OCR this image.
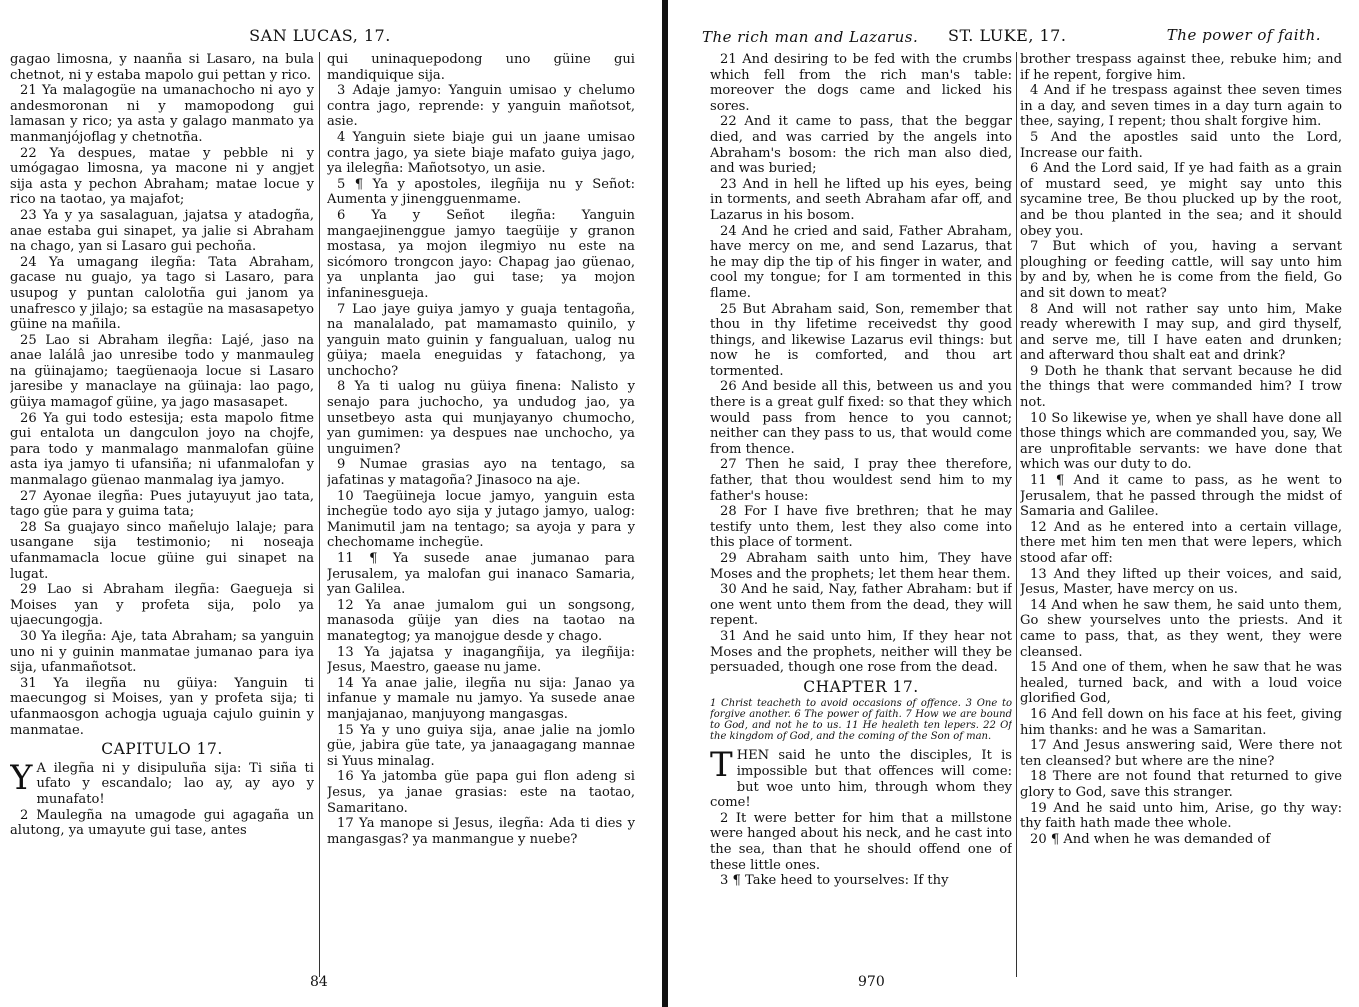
SAN LUCAS, 17.

gagao limosna, y naanña si Lasaro, na bula chetnot, ni y estaba mapolo gui pettan y rico.

21 Ya malagogüe na umanachocho ni ayo y andesmoronan ni y mamopodong gui lamasan y rico; ya asta y galago manmato ya manmanjójoflag y chetnotña.

22 Ya despues, matae y pebble ni y umógagao limosna, ya macone ni y angjet sija asta y pechon Abraham; matae locue y rico na taotao, ya majafot;

23 Ya y ya sasalaguan, jajatsa y atadogña, anae estaba gui sinapet, ya jalie si Abraham na chago, yan si Lasaro gui pechoña.

24 Ya umagang ilegña: Tata Abraham, gacase nu guajo, ya tago si Lasaro, para usupog y puntan calolotña gui janom ya unafresco y jilajo; sa estagüe na masasapetyo güine na mañila.

25 Lao si Abraham ilegña: Lajé, jaso na anae lalálâ jao unresibe todo y manmauleg na güinajamo; taegüenaoja locue si Lasaro jaresibe y manaclaye na güinaja: lao pago, güiya mamagof güine, ya jago masasapet.

26 Ya gui todo estesija; esta mapolo fitme gui entalota un dangculon joyo na chojfe, para todo y manmalago manmalofan güine asta iya jamyo ti ufansiña; ni ufanmalofan y manmalago güenao manmalag iya jamyo.

27 Ayonae ilegña: Pues jutayuyut jao tata, tago güe para y guima tata;

28 Sa guajayo sinco mañelujo lalaje; para usangane sija testimonio; ni noseaja ufanmamacla locue güine gui sinapet na lugat.

29 Lao si Abraham ilegña: Gaegueja si Moises yan y profeta sija, polo ya ujaecungogja.

30 Ya ilegña: Aje, tata Abraham; sa yanguin uno ni y guinin manmatae jumanao para iya sija, ufanmañotsot.

31 Ya ilegña nu güiya: Yanguin ti maecungog si Moises, yan y profeta sija; ti ufanmaosgon achogja uguaja cajulo guinin y manmatae.

CAPITULO 17.

Y A ilegña ni y disipuluña sija: Ti siña ti ufato y escandalo; lao ay, ay ayo y munafato!

2 Maulegña na umagode gui agagaña un alutong, ya umayute gui tase, antes

qui uninaquepodong uno güine gui mandiquique sija.

3 Adaje jamyo: Yanguin umisao y chelumo contra jago, reprende: y yanguin mañotsot, asie.

4 Yanguin siete biaje gui un jaane umisao contra jago, ya siete biaje mafato guiya jago, ya ilelegña: Mañotsotyo, un asie.

5 ¶ Ya y apostoles, ilegñija nu y Señot: Aumenta y jinengguenmame.

6 Ya y Señot ilegña: Yanguin mangaejinenggue jamyo taegüije y granon mostasa, ya mojon ilegmiyo nu este na sicómoro trongcon jayo: Chapag jao güenao, ya unplanta jao gui tase; ya mojon infaninesgueja.

7 Lao jaye guiya jamyo y guaja tentagoña, na manalalado, pat mamamasto quinilo, y yanguin mato guinin y fangualuan, ualog nu güiya; maela eneguidas y fatachong, ya unchocho?

8 Ya ti ualog nu güiya finena: Nalisto y senajo para juchocho, ya undudog jao, ya unsetbeyo asta qui munjayanyo chumocho, yan gumimen: ya despues nae unchocho, ya unguimen?

9 Numae grasias ayo na tentago, sa jafatinas y matagoña? Jinasoco na aje.

10 Taegüineja locue jamyo, yanguin esta inchegüe todo ayo sija y jutago jamyo, ualog: Manimutil jam na tentago; sa ayoja y para y chechomame inchegüe.

11 ¶ Ya susede anae jumanao para Jerusalem, ya malofan gui inanaco Samaria, yan Galilea.

12 Ya anae jumalom gui un songsong, manasoda güije yan dies na taotao na manategtog; ya manojgue desde y chago.

13 Ya jajatsa y inagangñija, ya ilegñija: Jesus, Maestro, gaease nu jame.

14 Ya anae jalie, ilegña nu sija: Janao ya infanue y mamale nu jamyo. Ya susede anae manjajanao, manjuyong mangasgas.

15 Ya y uno guiya sija, anae jalie na jomlo güe, jabira güe tate, ya janaagagang mannae si Yuus minalag.

16 Ya jatomba güe papa gui flon adeng si Jesus, ya janae grasias: este na taotao, Samaritano.

17 Ya manope si Jesus, ilegña: Ada ti dies y mangasgas? ya manmangue y nuebe?

84
The rich man and Lazarus. ST. LUKE, 17.	The power of faith.

21 And desiring to be fed with the crumbs which fell from the rich man's table: moreover the dogs came and licked his sores.

22 And it came to pass, that the beggar died, and was carried by the angels into Abraham's bosom: the rich man also died, and was buried;

23 And in hell he lifted up his eyes, being in torments, and seeth Abraham afar off, and Lazarus in his bosom.

24 And he cried and said, Father Abraham, have mercy on me, and send Lazarus, that he may dip the tip of his finger in water, and cool my tongue; for I am tormented in this flame.

25 But Abraham said, Son, remember that thou in thy lifetime receivedst thy good things, and likewise Lazarus evil things: but now he is comforted, and thou art tormented.

26 And beside all this, between us and you there is a great gulf fixed: so that they which would pass from hence to you cannot; neither can they pass to us, that would come from thence.

27 Then he said, I pray thee therefore, father, that thou wouldest send him to my father's house:

28 For I have five brethren; that he may testify unto them, lest they also come into this place of torment.

29 Abraham saith unto him, They have Moses and the prophets; let them hear them.

30 And he said, Nay, father Abraham: but if one went unto them from the dead, they will repent.

31 And he said unto him, If they hear not Moses and the prophets, neither will they be persuaded, though one rose from the dead.

CHAPTER 17.

1 Christ teacheth to avoid occasions of offence. 3 One to forgive another. 6 The power of faith. 7 How we are bound to God, and not he to us. 11 He healeth ten lepers. 22 Of the kingdom of God, and the coming of the Son of man.

THEN said he unto the disciples, It is impossible but that offences will come: but woe unto him, through whom they come!

2 It were better for him that a millstone were hanged about his neck, and he cast into the sea, than that he should offend one of these little ones.

3 ¶ Take heed to yourselves: If thy

brother trespass against thee, rebuke him; and if he repent, forgive him.

4 And if he trespass against thee seven times in a day, and seven times in a day turn again to thee, saying, I repent; thou shalt forgive him.

5 And the apostles said unto the Lord, Increase our faith.

6 And the Lord said, If ye had faith as a grain of mustard seed, ye might say unto this sycamine tree, Be thou plucked up by the root, and be thou planted in the sea; and it should obey you.

7 But which of you, having a servant ploughing or feeding cattle, will say unto him by and by, when he is come from the field, Go and sit down to meat?

8 And will not rather say unto him, Make ready wherewith I may sup, and gird thyself, and serve me, till I have eaten and drunken; and afterward thou shalt eat and drink?

9 Doth he thank that servant because he did the things that were commanded him? I trow not.

10 So likewise ye, when ye shall have done all those things which are commanded you, say, We are unprofitable servants: we have done that which was our duty to do.

11 ¶ And it came to pass, as he went to Jerusalem, that he passed through the midst of Samaria and Galilee.

12 And as he entered into a certain village, there met him ten men that were lepers, which stood afar off:

13 And they lifted up their voices, and said, Jesus, Master, have mercy on us.

14 And when he saw them, he said unto them, Go shew yourselves unto the priests. And it came to pass, that, as they went, they were cleansed.

15 And one of them, when he saw that he was healed, turned back, and with a loud voice glorified God,

16 And fell down on his face at his feet, giving him thanks: and he was a Samaritan.

17 And Jesus answering said, Were there not ten cleansed? but where are the nine?

18 There are not found that returned to give glory to God, save this stranger.

19 And he said unto him, Arise, go thy way: thy faith hath made thee whole.

20 ¶ And when he was demanded of

970
